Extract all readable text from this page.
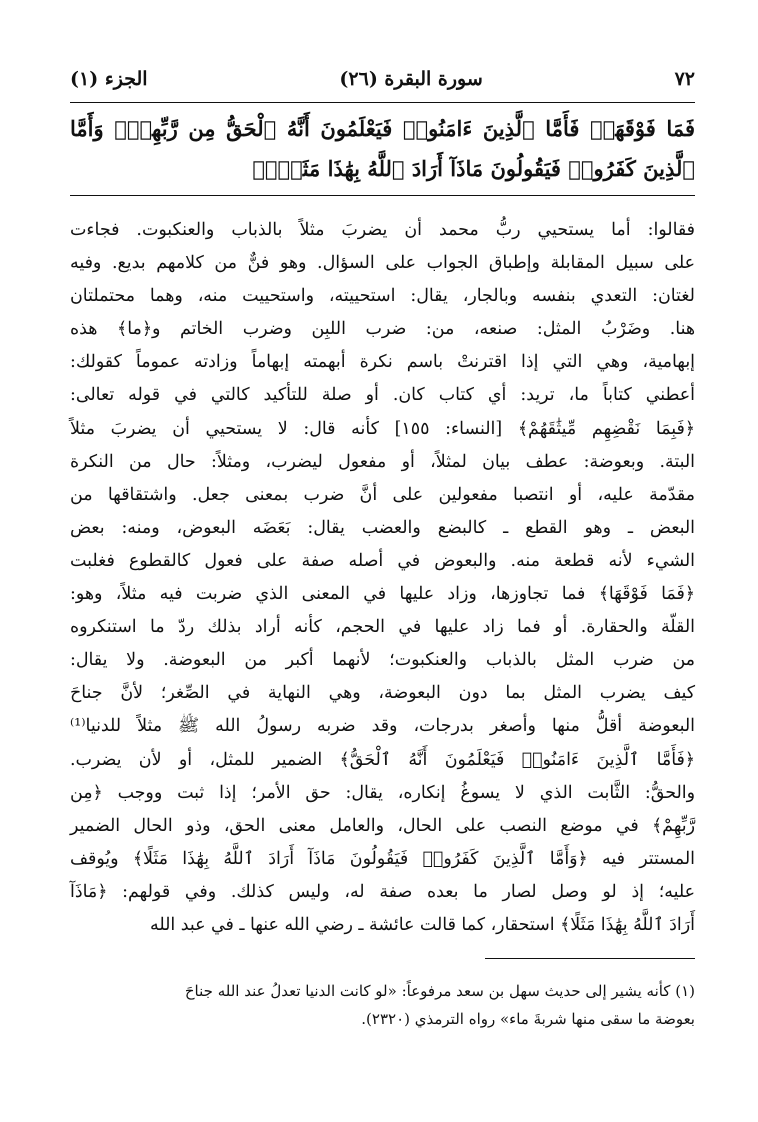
٧٢
سورة البقرة (٢٦)
الجزء (١)
فَمَا فَوْقَهَاۚ فَأَمَّا ٱلَّذِينَ ءَامَنُوا۟ فَيَعْلَمُونَ أَنَّهُ ٱلْحَقُّ مِن رَّبِّهِمْۖ وَأَمَّا ٱلَّذِينَ كَفَرُوا۟ فَيَقُولُونَ مَاذَآ أَرَادَ ٱللَّهُ بِهَٰذَا مَثَلًاۘ

فقالوا: أما يستحيي ربُّ محمد أن يضربَ مثلاً بالذباب والعنكبوت. فجاءت

على سبيل المقابلة وإطباق الجواب على السؤال. وهو فنٌّ من كلامهم بديع. وفيه

لغتان: التعدي بنفسه وبالجار، يقال: استحييته، واستحييت منه، وهما محتملتان

هنا. وضَرْبُ المثل: صنعه، من: ضرب اللبِن وضرب الخاتم و﴿ما﴾ هذه

إبهامية، وهي التي إذا اقترنتْ باسم نكرة أبهمته إبهاماً وزادته عموماً كقولك:

أعطني كتاباً ما، تريد: أي كتاب كان. أو صلة للتأكيد كالتي في قوله تعالى:

﴿فَبِمَا نَقْضِهِم مِّيثَٰقَهُمْ﴾ [النساء: ١٥٥] كأنه قال: لا يستحيي أن يضربَ مثلاً

البتة. وبعوضة: عطف بيان لمثلاً، أو مفعول ليضرب، ومثلاً: حال من النكرة

مقدّمة عليه، أو انتصبا مفعولين على أنَّ ضرب بمعنى جعل. واشتقاقها من

البعض ـ وهو القطع ـ كالبضع والعضب يقال: بَعَضَه البعوض، ومنه: بعض

الشيء لأنه قطعة منه. والبعوض في أصله صفة على فعول كالقطوع فغلبت

﴿فَمَا فَوْقَهَا﴾ فما تجاوزها، وزاد عليها في المعنى الذي ضربت فيه مثلاً، وهو:

القلّة والحقارة. أو فما زاد عليها في الحجم، كأنه أراد بذلك ردّ ما استنكروه

من ضرب المثل بالذباب والعنكبوت؛ لأنهما أكبر من البعوضة. ولا يقال:

كيف يضرب المثل بما دون البعوضة، وهي النهاية في الصِّغر؛ لأنَّ جناحَ

البعوضة أقلُّ منها وأصغر بدرجات، وقد ضربه رسولُ الله ﷺ مثلاً للدنيا⁽¹⁾

﴿فَأَمَّا ٱلَّذِينَ ءَامَنُوا۟ فَيَعْلَمُونَ أَنَّهُ ٱلْحَقُّ﴾ الضمير للمثل، أو لأن يضرب.

والحقُّ: الثَّابت الذي لا يسوغُ إنكاره، يقال: حق الأمر؛ إذا ثبت ووجب ﴿مِن

رَّبِّهِمْ﴾ في موضع النصب على الحال، والعامل معنى الحق، وذو الحال الضمير

المستتر فيه ﴿وَأَمَّا ٱلَّذِينَ كَفَرُوا۟ فَيَقُولُونَ مَاذَآ أَرَادَ ٱللَّهُ بِهَٰذَا مَثَلًا﴾ ويُوقف

عليه؛ إذ لو وصل لصار ما بعده صفة له، وليس كذلك. وفي قولهم: ﴿مَاذَآ

أَرَادَ ٱللَّهُ بِهَٰذَا مَثَلًا﴾ استحقار، كما قالت عائشة ـ رضي الله عنها ـ في عبد الله

(١) كأنه يشير إلى حديث سهل بن سعد مرفوعاً: «لو كانت الدنيا تعدلُ عند الله جناحَ

بعوضة ما سقى منها شربةَ ماء» رواه الترمذي (٢٣٢٠).
